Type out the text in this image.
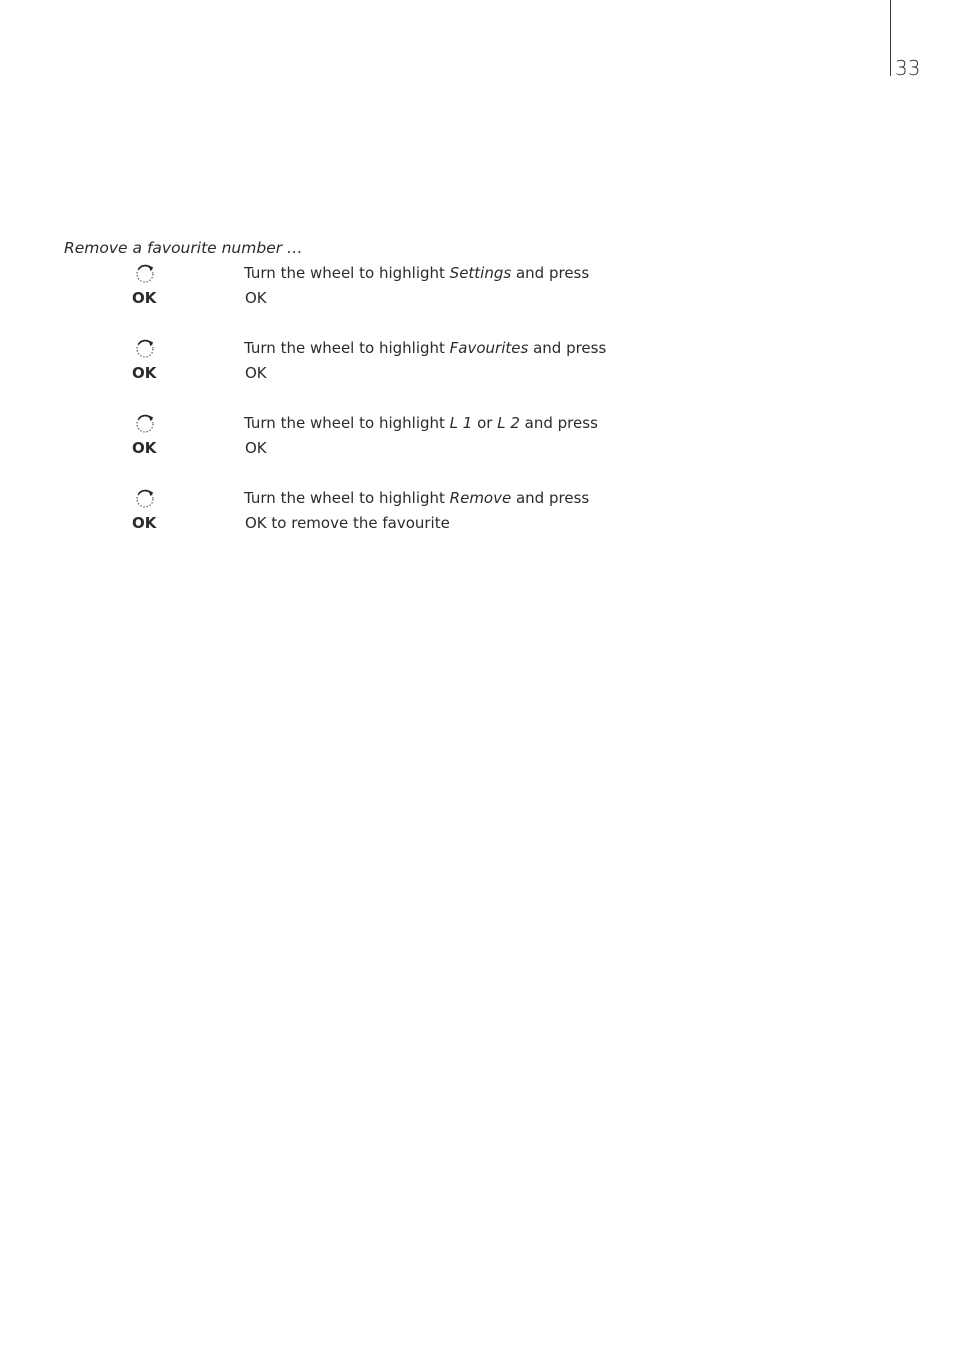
33
Remove a favourite number …
OK
Turn the wheel to highlight Settings and press
OK
OK
Turn the wheel to highlight Favourites and press
OK
OK
Turn the wheel to highlight L 1 or L 2 and press
OK
OK
Turn the wheel to highlight Remove and press
OK to remove the favourite
